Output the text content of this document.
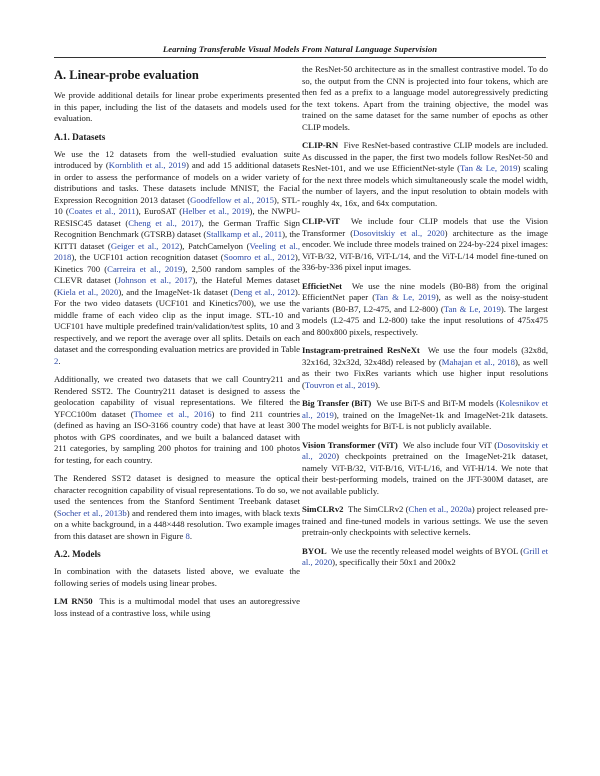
Learning Transferable Visual Models From Natural Language Supervision
A. Linear-probe evaluation

We provide additional details for linear probe experiments presented in this paper, including the list of the datasets and models used for evaluation.

A.1. Datasets

We use the 12 datasets from the well-studied evaluation suite introduced by (Kornblith et al., 2019) and add 15 additional datasets in order to assess the performance of models on a wider variety of distributions and tasks. These datasets include MNIST, the Facial Expression Recognition 2013 dataset (Goodfellow et al., 2015), STL-10 (Coates et al., 2011), EuroSAT (Helber et al., 2019), the NWPU-RESISC45 dataset (Cheng et al., 2017), the German Traffic Sign Recognition Benchmark (GTSRB) dataset (Stallkamp et al., 2011), the KITTI dataset (Geiger et al., 2012), PatchCamelyon (Veeling et al., 2018), the UCF101 action recognition dataset (Soomro et al., 2012), Kinetics 700 (Carreira et al., 2019), 2,500 random samples of the CLEVR dataset (Johnson et al., 2017), the Hateful Memes dataset (Kiela et al., 2020), and the ImageNet-1k dataset (Deng et al., 2012). For the two video datasets (UCF101 and Kinetics700), we use the middle frame of each video clip as the input image. STL-10 and UCF101 have multiple predefined train/validation/test splits, 10 and 3 respectively, and we report the average over all splits. Details on each dataset and the corresponding evaluation metrics are provided in Table 2.

Additionally, we created two datasets that we call Country211 and Rendered SST2. The Country211 dataset is designed to assess the geolocation capability of visual representations. We filtered the YFCC100m dataset (Thomee et al., 2016) to find 211 countries (defined as having an ISO-3166 country code) that have at least 300 photos with GPS coordinates, and we built a balanced dataset with 211 categories, by sampling 200 photos for training and 100 photos for testing, for each country.

The Rendered SST2 dataset is designed to measure the optical character recognition capability of visual representations. To do so, we used the sentences from the Stanford Sentiment Treebank dataset (Socher et al., 2013b) and rendered them into images, with black texts on a white background, in a 448×448 resolution. Two example images from this dataset are shown in Figure 8.

A.2. Models

In combination with the datasets listed above, we evaluate the following series of models using linear probes.

LM RN50 This is a multimodal model that uses an autoregressive loss instead of a contrastive loss, while using

the ResNet-50 architecture as in the smallest contrastive model. To do so, the output from the CNN is projected into four tokens, which are then fed as a prefix to a language model autoregressively predicting the text tokens. Apart from the training objective, the model was trained on the same dataset for the same number of epochs as other CLIP models.

CLIP-RN Five ResNet-based contrastive CLIP models are included. As discussed in the paper, the first two models follow ResNet-50 and ResNet-101, and we use EfficientNet-style (Tan & Le, 2019) scaling for the next three models which simultaneously scale the model width, the number of layers, and the input resolution to obtain models with roughly 4x, 16x, and 64x computation.

CLIP-ViT We include four CLIP models that use the Vision Transformer (Dosovitskiy et al., 2020) architecture as the image encoder. We include three models trained on 224-by-224 pixel images: ViT-B/32, ViT-B/16, ViT-L/14, and the ViT-L/14 model fine-tuned on 336-by-336 pixel input images.

EfficietNet We use the nine models (B0-B8) from the original EfficientNet paper (Tan & Le, 2019), as well as the noisy-student variants (B0-B7, L2-475, and L2-800) (Tan & Le, 2019). The largest models (L2-475 and L2-800) take the input resolutions of 475x475 and 800x800 pixels, respectively.

Instagram-pretrained ResNeXt We use the four models (32x8d, 32x16d, 32x32d, 32x48d) released by (Mahajan et al., 2018), as well as their two FixRes variants which use higher input resolutions (Touvron et al., 2019).

Big Transfer (BiT) We use BiT-S and BiT-M models (Kolesnikov et al., 2019), trained on the ImageNet-1k and ImageNet-21k datasets. The model weights for BiT-L is not publicly available.

Vision Transformer (ViT) We also include four ViT (Dosovitskiy et al., 2020) checkpoints pretrained on the ImageNet-21k dataset, namely ViT-B/32, ViT-B/16, ViT-L/16, and ViT-H/14. We note that their best-performing models, trained on the JFT-300M dataset, are not available publicly.

SimCLRv2 The SimCLRv2 (Chen et al., 2020a) project released pre-trained and fine-tuned models in various settings. We use the seven pretrain-only checkpoints with selective kernels.

BYOL We use the recently released model weights of BYOL (Grill et al., 2020), specifically their 50x1 and 200x2
